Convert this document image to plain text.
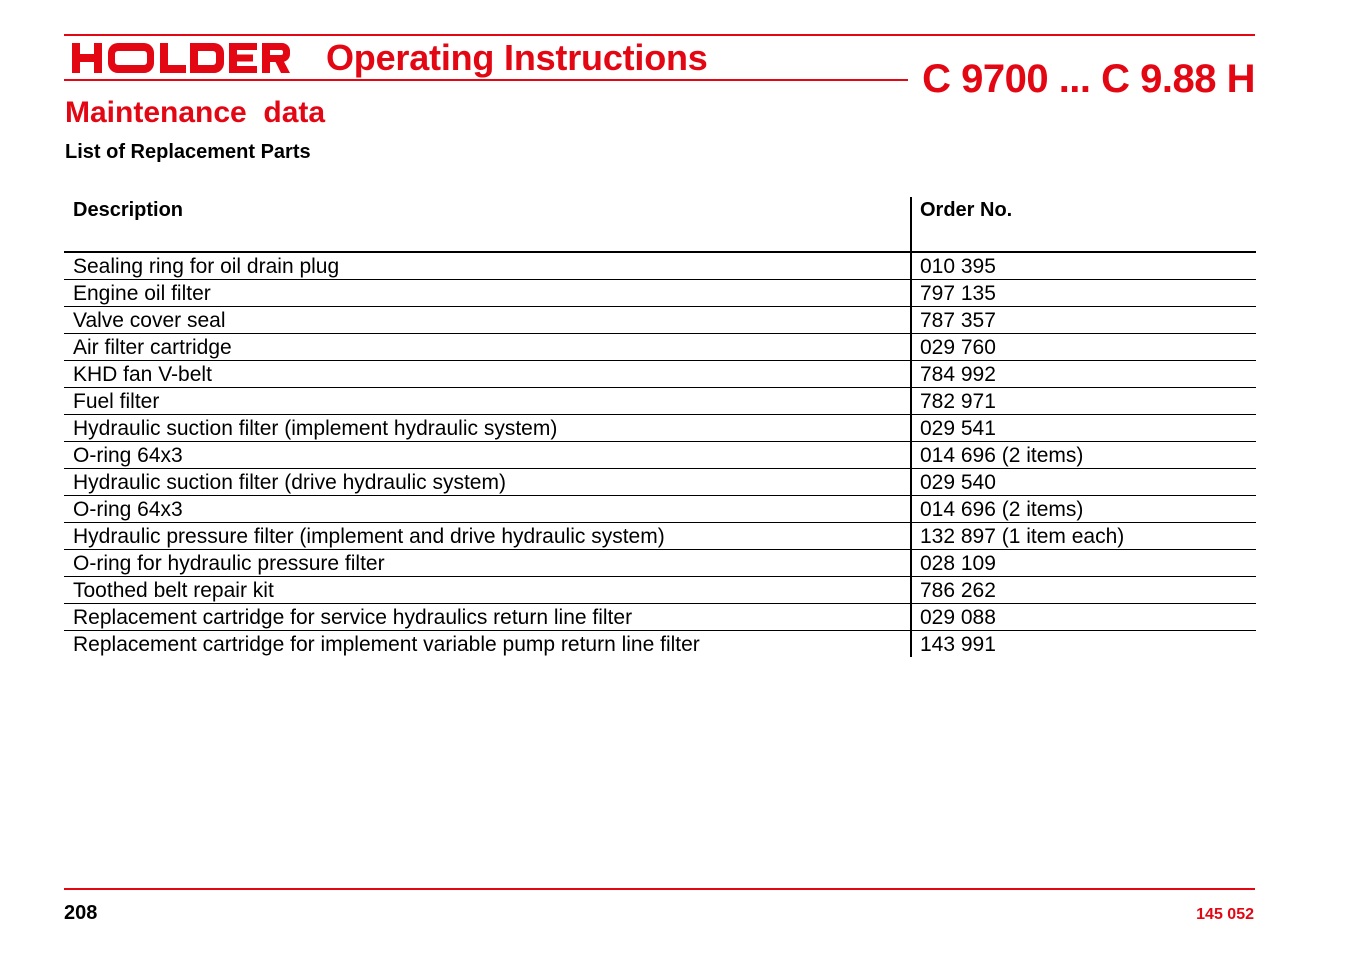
Operating Instructions	C 9700 ... C 9.88 H
Maintenance  data
List of Replacement Parts
Description	Order No.
Sealing ring for oil drain plug	010 395
Engine oil filter	797 135
Valve cover seal	787 357
Air filter cartridge	029 760
KHD fan V-belt	784 992
Fuel filter	782 971
Hydraulic suction filter (implement hydraulic system)	029 541
O-ring 64x3	014 696 (2 items)
Hydraulic suction filter (drive hydraulic system)	029 540
O-ring 64x3	014 696 (2 items)
Hydraulic pressure filter (implement and drive hydraulic system)	132 897 (1 item each)
O-ring for hydraulic pressure filter	028 109
Toothed belt repair kit	786 262
Replacement cartridge for service hydraulics return line filter	029 088
Replacement cartridge for implement variable pump return line filter	143 991
208	145 052
